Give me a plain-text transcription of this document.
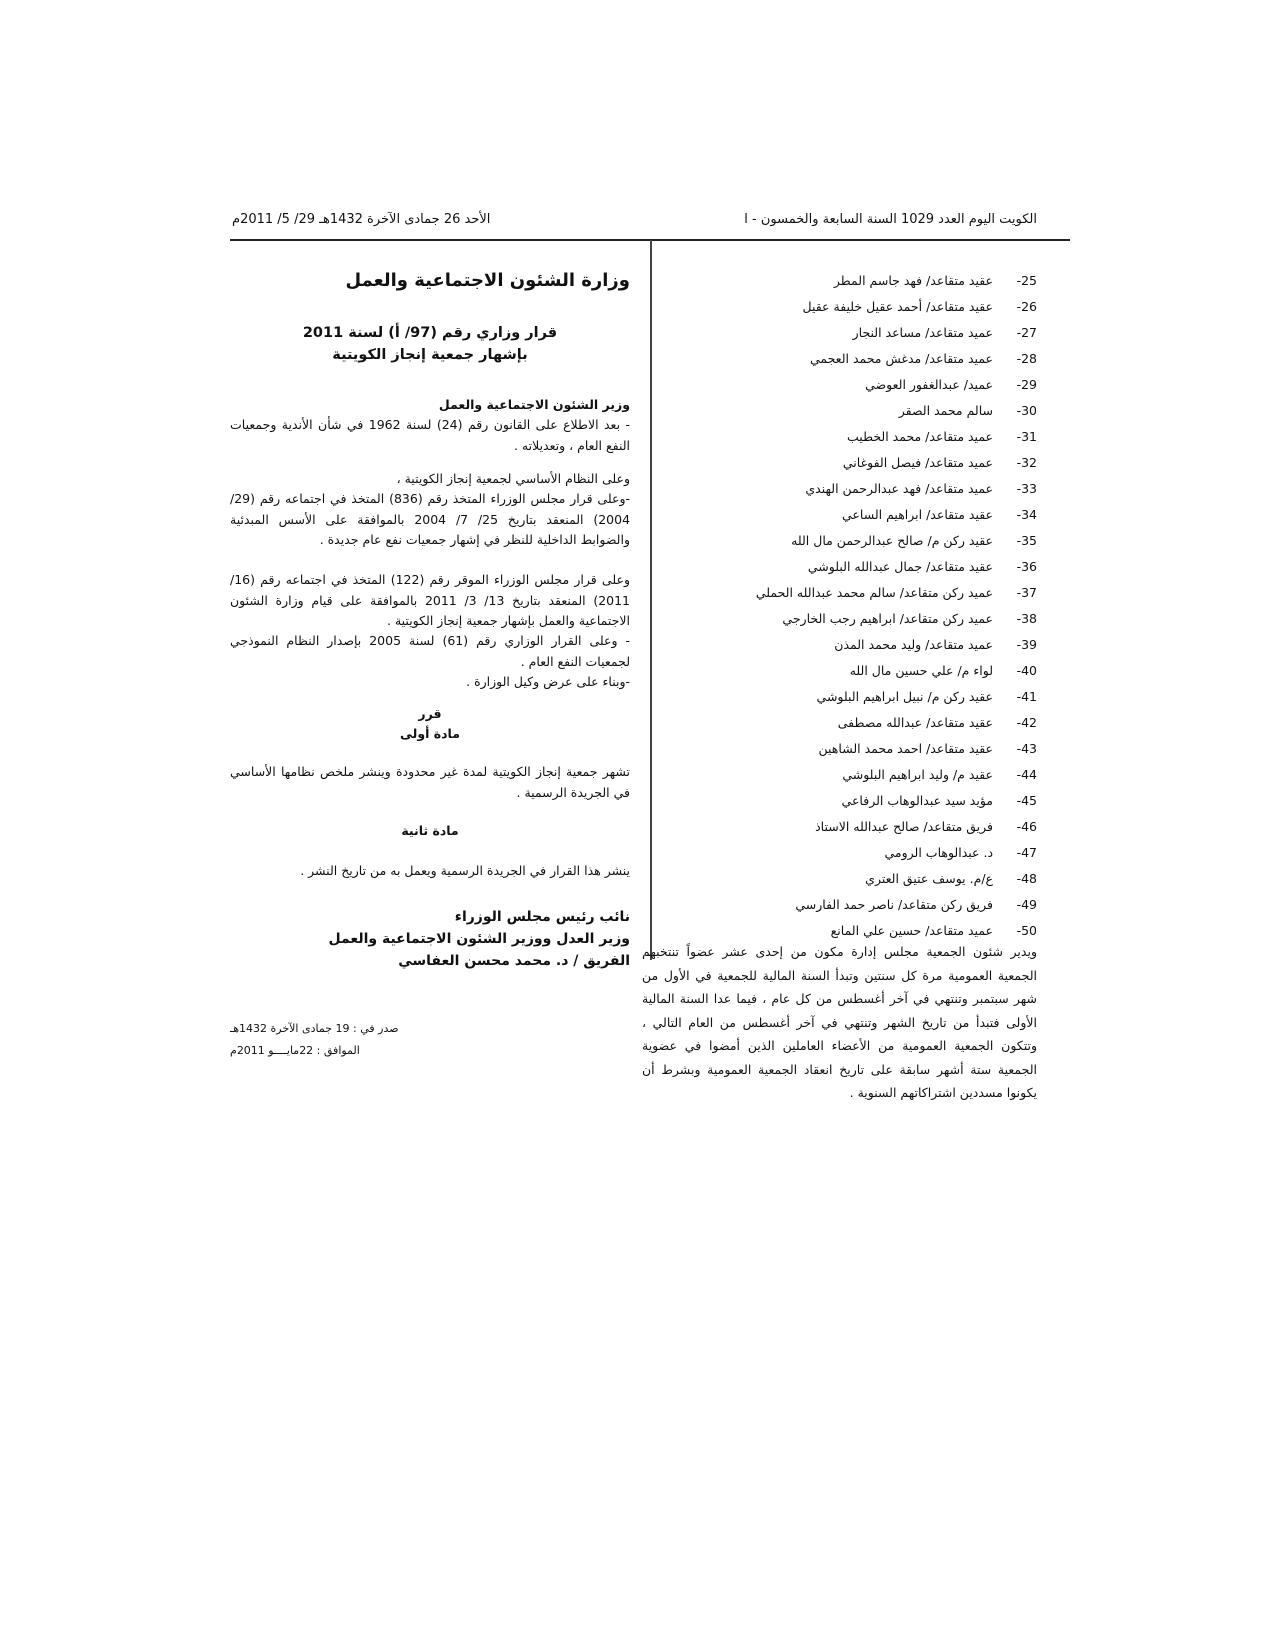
الكويت اليوم العدد 1029 السنة السابعة والخمسون - ا
الأحد 26 جمادى الآخرة 1432هـ 29/ 5/ 2011م
25- عقيد متقاعد/ فهد جاسم المطر
26- عقيد متقاعد/ أحمد عقيل خليفة عقيل
27- عميد متقاعد/ مساعد النجار
28- عميد متقاعد/ مدغش محمد العجمي
29- عميد/ عبدالغفور العوضي
30- سالم محمد الصقر
31- عميد متقاعد/ محمد الخطيب
32- عميد متقاعد/ فيصل الفوغاني
33- عميد متقاعد/ فهد عبدالرحمن الهندي
34- عقيد متقاعد/ ابراهيم الساعي
35- عقيد ركن م/ صالح عبدالرحمن مال الله
36- عقيد متقاعد/ جمال عبدالله البلوشي
37- عميد ركن متقاعد/ سالم محمد عبدالله الحملي
38- عميد ركن متقاعد/ ابراهيم رجب الخارجي
39- عميد متقاعد/ وليد محمد المذن
40- لواء م/ علي حسين مال الله
41- عقيد ركن م/ نبيل ابراهيم البلوشي
42- عقيد متقاعد/ عبدالله مصطفى
43- عقيد متقاعد/ احمد محمد الشاهين
44- عقيد م/ وليد ابراهيم البلوشي
45- مؤيد سيد عبدالوهاب الرفاعي
46- فريق متقاعد/ صالح عبدالله الاستاذ
47- د. عبدالوهاب الرومي
48- ع/م. يوسف عتيق العتري
49- فريق ركن متقاعد/ ناصر حمد الفارسي
50- عميد متقاعد/ حسين علي المانع
ويدير شئون الجمعية مجلس إدارة مكون من إحدى عشر عضواً تنتخبهم الجمعية العمومية مرة كل سنتين وتبدأ السنة المالية للجمعية في الأول من شهر سبتمبر وتنتهي في آخر أغسطس من كل عام ، فيما عدا السنة المالية الأولى فتبدأ من تاريخ الشهر وتنتهي في آخر أغسطس من العام التالي ، وتتكون الجمعية العمومية من الأعضاء العاملين الذين أمضوا في عضوية الجمعية ستة أشهر سابقة على تاريخ انعقاد الجمعية العمومية وبشرط أن يكونوا مسددين اشتراكاتهم السنوية .
وزارة الشئون الاجتماعية والعمل
قرار وزاري رقم (97/ أ) لسنة 2011
بإشهار جمعية إنجاز الكويتية
وزير الشئون الاجتماعية والعمل
- بعد الاطلاع على القانون رقم (24) لسنة 1962 في شأن الأندية وجمعيات النفع العام ، وتعديلاته .
وعلى النظام الأساسي لجمعية إنجاز الكويتية ،
-وعلى قرار مجلس الوزراء المتخذ رقم (836) المتخذ في اجتماعه رقم (29/ 2004) المنعقد بتاريخ 25/ 7/ 2004 بالموافقة على الأسس المبدئية والضوابط الداخلية للنظر في إشهار جمعيات نفع عام جديدة .
وعلى قرار مجلس الوزراء الموقر رقم (122) المتخذ في اجتماعه رقم (16/ 2011) المنعقد بتاريخ 13/ 3/ 2011 بالموافقة على قيام وزارة الشئون الاجتماعية والعمل بإشهار جمعية إنجاز الكويتية .
- وعلى القرار الوزاري رقم (61) لسنة 2005 بإصدار النظام النموذجي لجمعيات النفع العام .
-وبناء على عرض وكيل الوزارة .
قرر
مادة أولى
تشهر جمعية إنجاز الكويتية لمدة غير محدودة وينشر ملخص نظامها الأساسي في الجريدة الرسمية .
مادة ثانية
ينشر هذا القرار في الجريدة الرسمية ويعمل به من تاريخ النشر .
نائب رئيس مجلس الوزراء
وزير العدل ووزير الشئون الاجتماعية والعمل
الفريق / د. محمد محسن العفاسي
صدر في : 19 جمادى الآخرة 1432هـ
الموافق : 22مايــــو 2011م
